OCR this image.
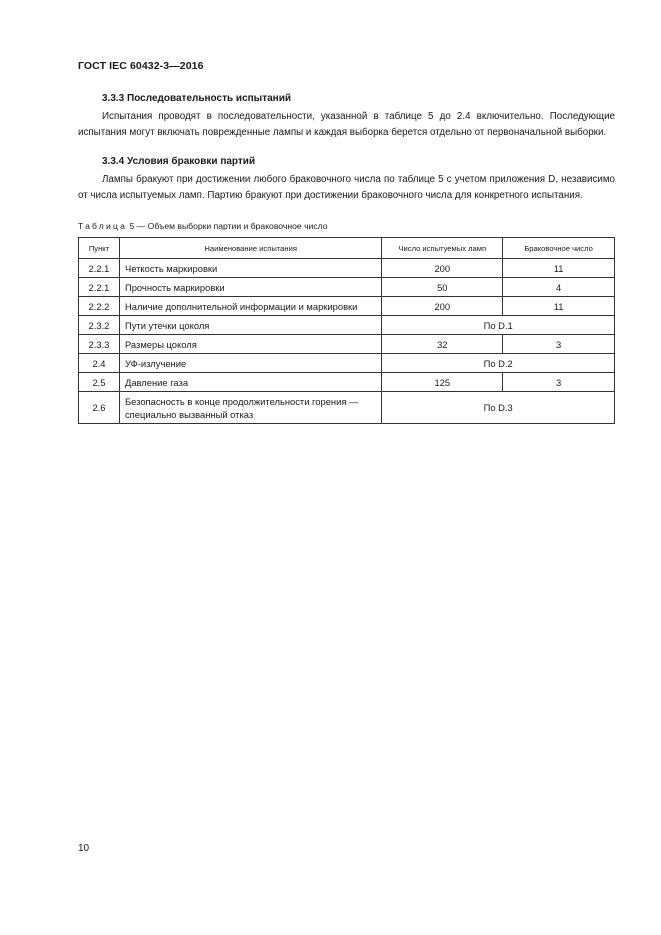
ГОСТ IEC 60432-3—2016
3.3.3 Последовательность испытаний

Испытания проводят в последовательности, указанной в таблице 5 до 2.4 включительно. Последующие испытания могут включать поврежденные лампы и каждая выборка берется отдельно от первоначальной выборки.

3.3.4 Условия браковки партий

Лампы бракуют при достижении любого браковочного числа по таблице 5 с учетом приложения D, независимо от числа испытуемых ламп. Партию бракуют при достижении браковочного числа для конкретного испытания.

Таблица 5 — Объем выборки партии и браковочное число
Пункт	Наименование испытания	Число испытуемых ламп	Браковочное число
2.2.1	Четкость маркировки	200	11
2.2.1	Прочность маркировки	50	4
2.2.2	Наличие дополнительной информации и маркировки	200	11
2.3.2	Пути утечки цоколя	По D.1	
2.3.3	Размеры цоколя	32	3
2.4	УФ-излучение	По D.2	
2.5	Давление газа	125	3
2.6	Безопасность в конце продолжительности горения — специально вызванный отказ	По D.3	
10
